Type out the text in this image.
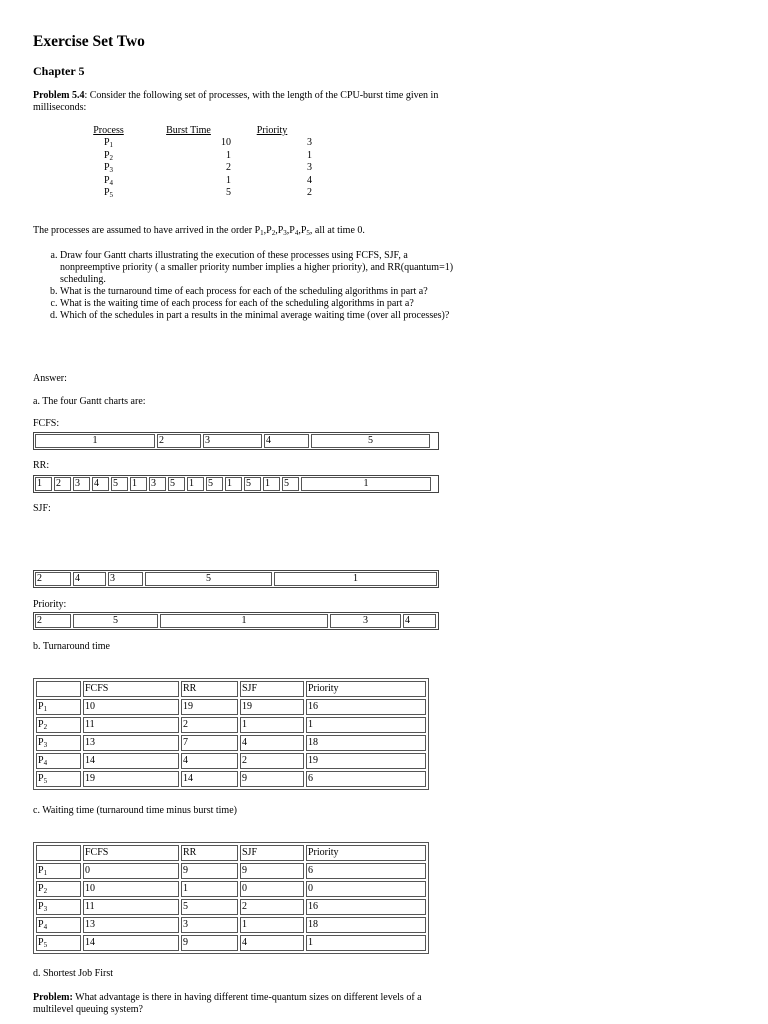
Exercise Set Two
Chapter 5
Problem 5.4: Consider the following set of processes, with the length of the CPU-burst time given in milliseconds:
Process	Burst Time	Priority
$P_1$	10	3
$P_2$	1	1
$P_3$	2	3
$P_4$	1	4
$P_5$	5	2
The processes are assumed to have arrived in the order $P_1,P_2,P_3,P_4,P_5$, all at time 0.
a. Draw four Gantt charts illustrating the execution of these processes using FCFS, SJF, a nonpreemptive priority ( a smaller priority number implies a higher priority), and RR(quantum=1) scheduling.
b. What is the turnaround time of each process for each of the scheduling algorithms in part a?
c. What is the waiting time of each process for each of the scheduling algorithms in part a?
d. Which of the schedules in part a results in the minimal average waiting time (over all processes)?
Answer:
a. The four Gantt charts are:
FCFS:
1	2	3	4	5
RR:
1	2	3	4	5	1	3	5	1	5	1	5	1	5	1
SJF:
2	4	3	5	1
Priority:
2	5	1	3	4
b. Turnaround time
	FCFS	RR	SJF	Priority
$P_1$	10	19	19	16
$P_2$	11	2	1	1
$P_3$	13	7	4	18
$P_4$	14	4	2	19
$P_5$	19	14	9	6
c. Waiting time (turnaround time minus burst time)
	FCFS	RR	SJF	Priority
$P_1$	0	9	9	6
$P_2$	10	1	0	0
$P_3$	11	5	2	16
$P_4$	13	3	1	18
$P_5$	14	9	4	1
d. Shortest Job First
Problem: What advantage is there in having different time-quantum sizes on different levels of a multilevel queuing system?
